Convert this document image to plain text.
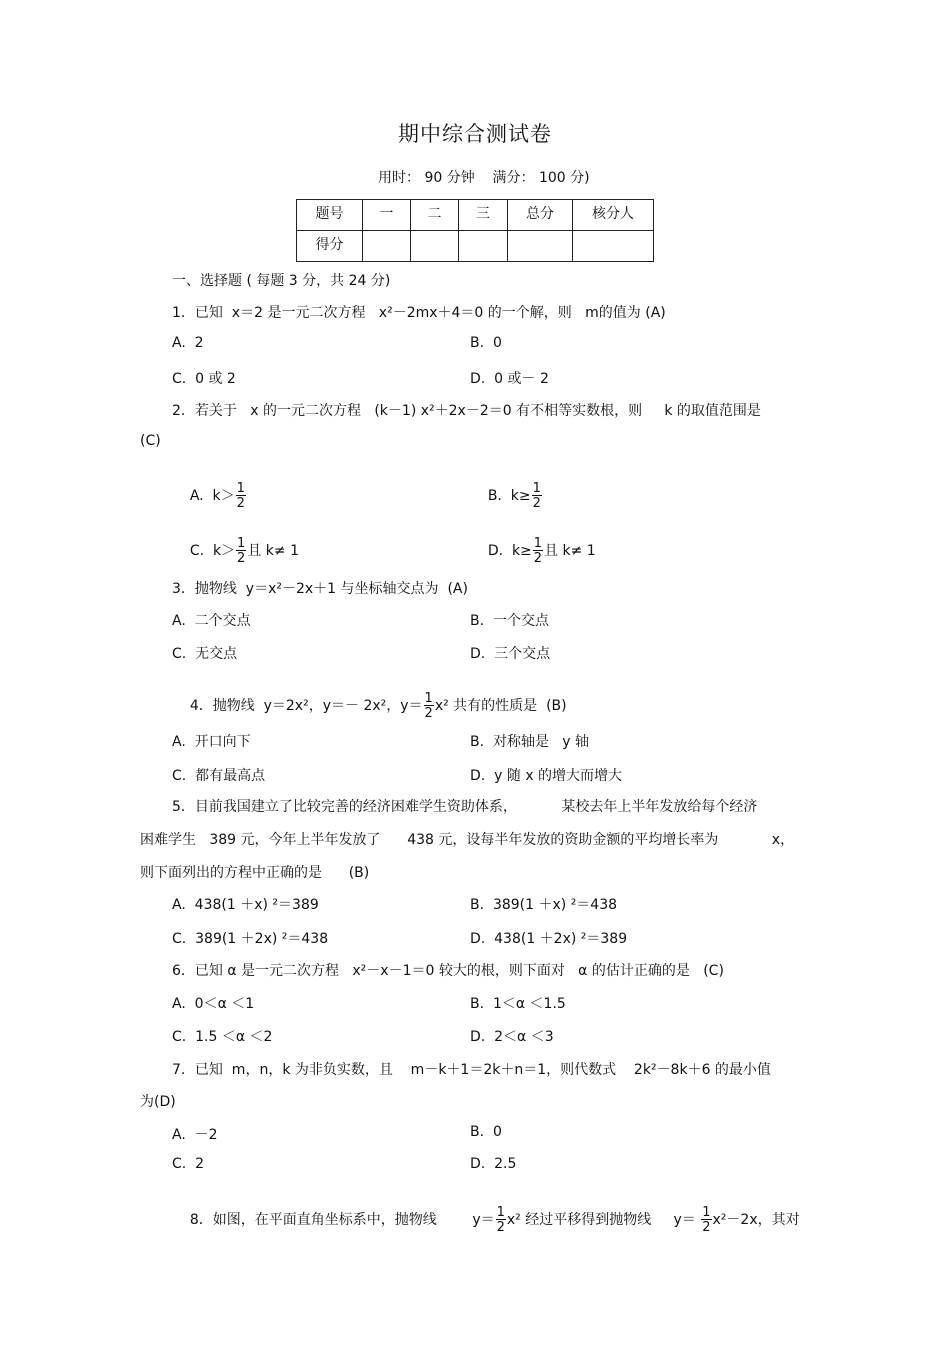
期中综合测试卷
用时： 90 分钟    满分： 100 分)
题号	一	二	三	总分	核分人
得分					
一、选择题 ( 每题 3 分，共 24 分)
1．已知  x＝2 是一元二次方程   x²－2mx＋4＝0 的一个解，则   m的值为 (A)
A.  2	B.  0
C.  0 或 2	D.  0 或－ 2
2．若关于   x 的一元二次方程   (k－1) x²＋2x－2＝0 有不相等实数根，则     k 的取值范围是
(C)

A.  $k> \frac{1}{2}$

	B.  $k\ge \frac{1}{2}$

C.  $k> \frac{1}{2}$ 且 k≠ 1
	D.  $k\ge \frac{1}{2}$ 且 k≠ 1

3．抛物线  y＝x²－2x＋1 与坐标轴交点为  (A)
A.  二个交点	B.  一个交点
C.  无交点	D.  三个交点

4．抛物线  y＝2x²，y＝－ 2x²，$y= \frac{1}{2} x^2$ 共有的性质是  (B)

A.  开口向下	B.  对称轴是   y 轴
C.  都有最高点	D.  y 随 x 的增大而增大
5．目前我国建立了比较完善的经济困难学生资助体系，          某校去年上半年发放给每个经济
困难学生   389 元，今年上半年发放了      438 元，设每半年发放的资助金额的平均增长率为            x，
则下面列出的方程中正确的是      (B)
A.  438(1 ＋x) ²＝389	B.  389(1 ＋x) ²＝438
C.  389(1 ＋2x) ²＝438	D.  438(1 ＋2x) ²＝389
6．已知 α 是一元二次方程   x²－x－1＝0 较大的根，则下面对   α 的估计正确的是   (C)
A.  0＜α ＜1	B.  1＜α ＜1.5
C.  1.5 ＜α ＜2	D.  2＜α ＜3
7．已知  m，n，k 为非负实数，且    m－k＋1＝2k＋n＝1，则代数式    2k²－8k＋6 的最小值
为(D)
A.  －2	B.  0
C.  2	D.  2.5

8．如图，在平面直角坐标系中，抛物线        $y= \frac{1}{2} x^2$ 经过平移得到抛物线     $y= \frac{1}{2} x^2-2x$，其对
